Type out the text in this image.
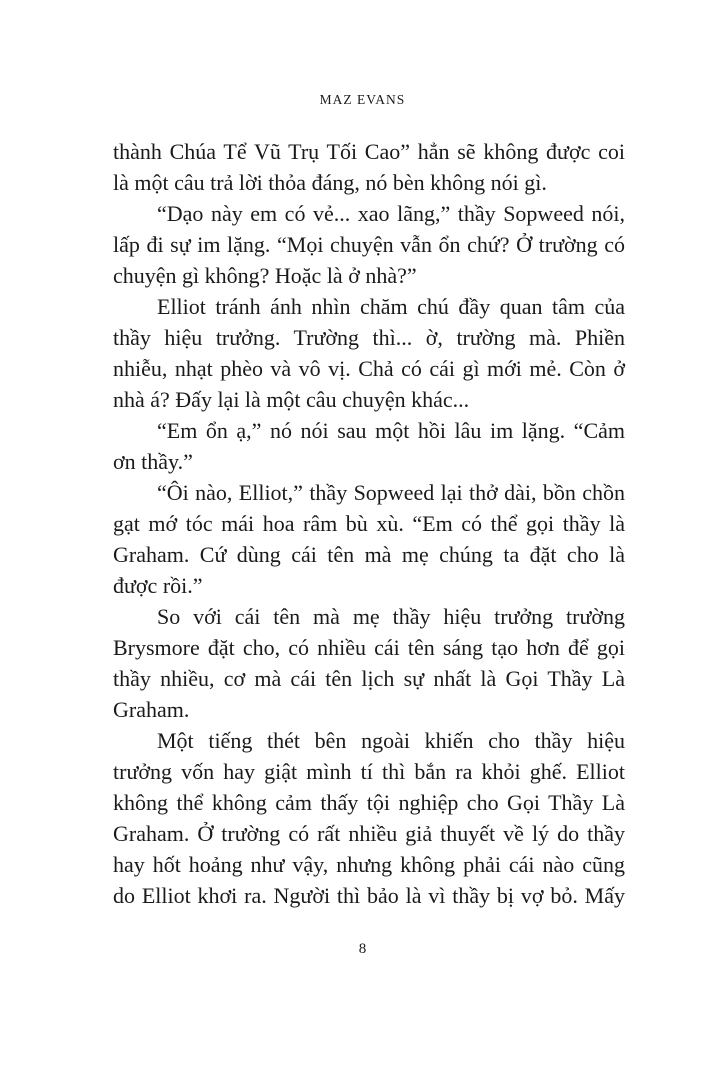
MAZ EVANS
thành Chúa Tể Vũ Trụ Tối Cao” hẳn sẽ không được coi
là một câu trả lời thỏa đáng, nó bèn không nói gì.
“Dạo này em có vẻ... xao lãng,” thầy Sopweed nói,
lấp đi sự im lặng. “Mọi chuyện vẫn ổn chứ? Ở trường có
chuyện gì không? Hoặc là ở nhà?”
Elliot tránh ánh nhìn chăm chú đầy quan tâm của
thầy hiệu trưởng. Trường thì... ờ, trường mà. Phiền
nhiễu, nhạt phèo và vô vị. Chả có cái gì mới mẻ. Còn ở
nhà á? Đấy lại là một câu chuyện khác...
“Em ổn ạ,” nó nói sau một hồi lâu im lặng. “Cảm
ơn thầy.”
“Ôi nào, Elliot,” thầy Sopweed lại thở dài, bồn chồn
gạt mớ tóc mái hoa râm bù xù. “Em có thể gọi thầy là
Graham. Cứ dùng cái tên mà mẹ chúng ta đặt cho là
được rồi.”
So với cái tên mà mẹ thầy hiệu trưởng trường
Brysmore đặt cho, có nhiều cái tên sáng tạo hơn để gọi
thầy nhiều, cơ mà cái tên lịch sự nhất là Gọi Thầy Là
Graham.
Một tiếng thét bên ngoài khiến cho thầy hiệu
trưởng vốn hay giật mình tí thì bắn ra khỏi ghế. Elliot
không thể không cảm thấy tội nghiệp cho Gọi Thầy Là
Graham. Ở trường có rất nhiều giả thuyết về lý do thầy
hay hốt hoảng như vậy, nhưng không phải cái nào cũng
do Elliot khơi ra. Người thì bảo là vì thầy bị vợ bỏ. Mấy
8
